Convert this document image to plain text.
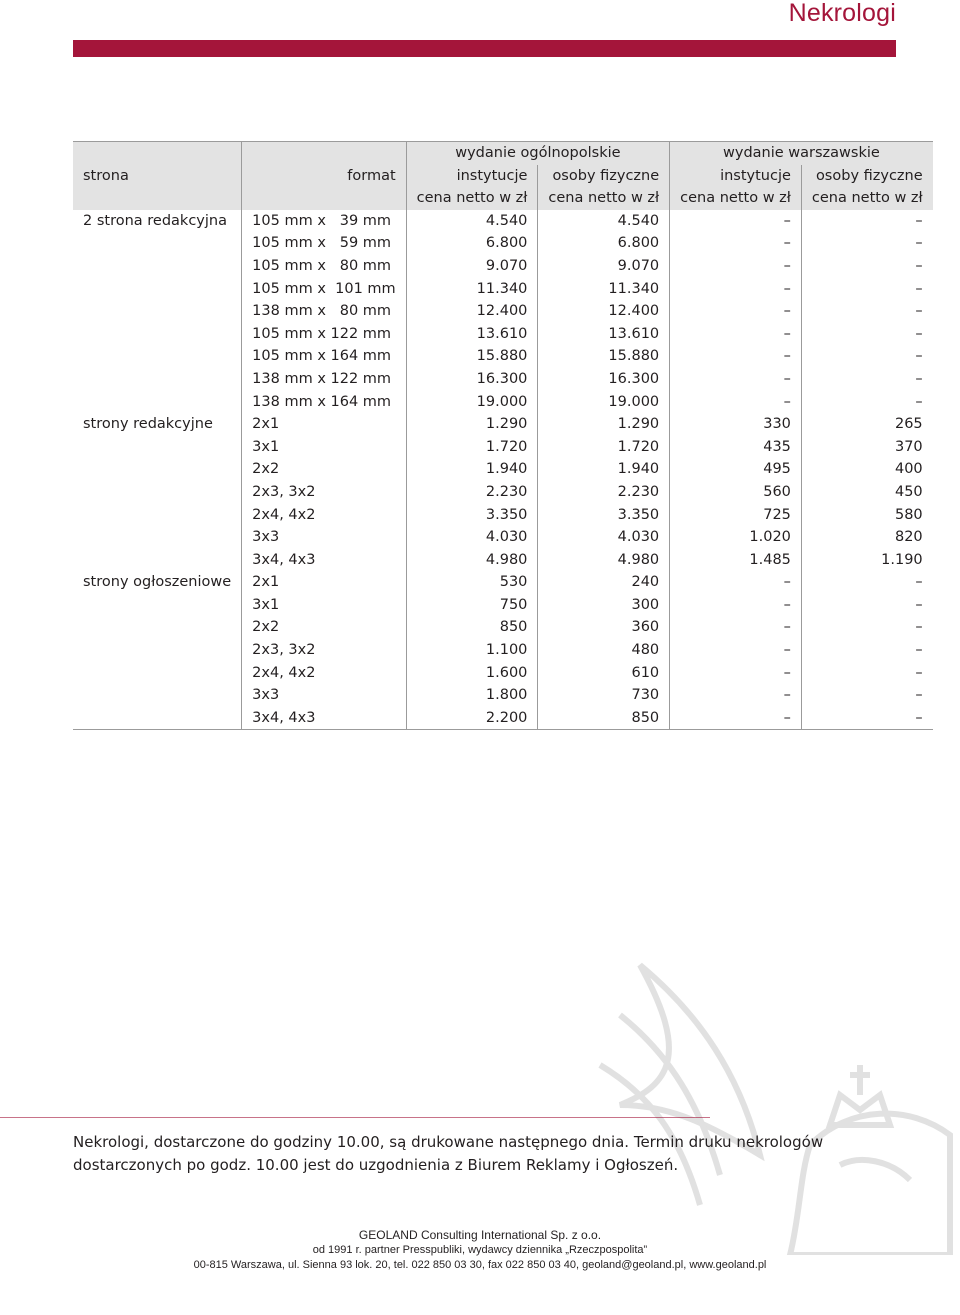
Nekrologi
		wydanie ogólnopolskie		wydanie warszawskie	
strona	format	instytucje	osoby fizyczne	instytucje	osoby fizyczne
		cena netto w zł	cena netto w zł	cena netto w zł	cena netto w zł
2 strona redakcyjna	105 mm x   39 mm	4.540	4.540	–	–
	105 mm x   59 mm	6.800	6.800	–	–
	105 mm x   80 mm	9.070	9.070	–	–
	105 mm x  101 mm	11.340	11.340	–	–
	138 mm x   80 mm	12.400	12.400	–	–
	105 mm x 122 mm	13.610	13.610	–	–
	105 mm x 164 mm	15.880	15.880	–	–
	138 mm x 122 mm	16.300	16.300	–	–
	138 mm x 164 mm	19.000	19.000	–	–
strony redakcyjne	2x1	1.290	1.290	330	265
	3x1	1.720	1.720	435	370
	2x2	1.940	1.940	495	400
	2x3, 3x2	2.230	2.230	560	450
	2x4, 4x2	3.350	3.350	725	580
	3x3	4.030	4.030	1.020	820
	3x4, 4x3	4.980	4.980	1.485	1.190
strony ogłoszeniowe	2x1	530	240	–	–
	3x1	750	300	–	–
	2x2	850	360	–	–
	2x3, 3x2	1.100	480	–	–
	2x4, 4x2	1.600	610	–	–
	3x3	1.800	730	–	–
	3x4, 4x3	2.200	850	–	–
Nekrologi, dostarczone do godziny 10.00, są drukowane następnego dnia. Termin druku nekrologów dostarczonych po godz. 10.00 jest do uzgodnienia z Biurem Reklamy i Ogłoszeń.
GEOLAND Consulting International Sp. z o.o.
od 1991 r. partner Presspubliki, wydawcy dziennika „Rzeczpospolita”
00-815 Warszawa, ul. Sienna 93 lok. 20, tel. 022 850 03 30, fax 022 850 03 40, geoland@geoland.pl, www.geoland.pl
